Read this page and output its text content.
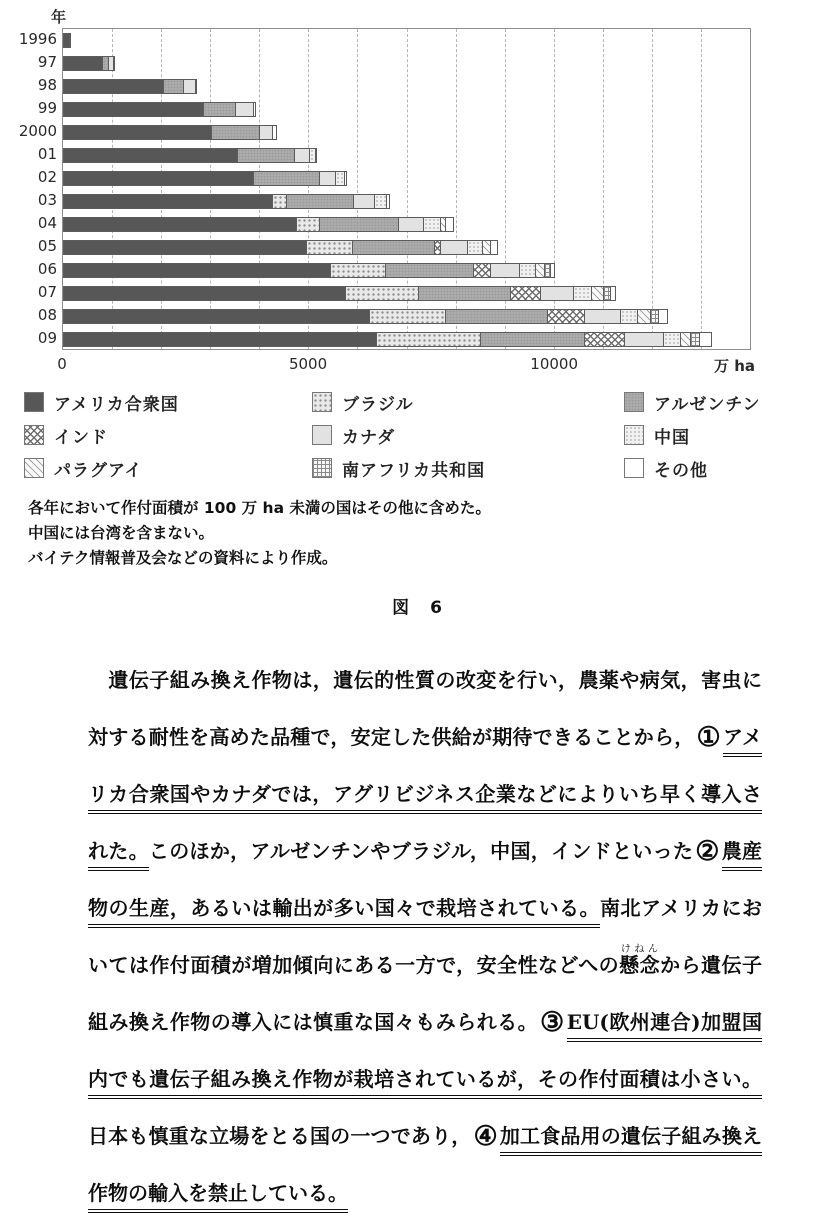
年
1996
97
98
99
2000
01
02
03
04
05
06
07
08
09
万 ha
0	5000	10000
アメリカ合衆国	ブラジル	アルゼンチン
インド	カナダ	中国
パラグアイ	南アフリカ共和国	その他
各年において作付面積が 100 万 ha 未満の国はその他に含めた。
中国には台湾を含まない。
バイテク情報普及会などの資料により作成。
図　6

　遺伝子組み換え作物は，遺伝的性質の改変を行い，農薬や病気，害虫に対する耐性を高めた品種で，安定した供給が期待できることから，① アメリカ合衆国やカナダでは，アグリビジネス企業などによりいち早く導入された。このほか，アルゼンチンやブラジル，中国，インドといった② 農産物の生産，あるいは輸出が多い国々で栽培されている。南北アメリカにおいては作付面積が増加傾向にある一方で，安全性などへの懸念けねんから遺伝子組み換え作物の導入には慎重な国々もみられる。③ EU(欧州連合)加盟国内でも遺伝子組み換え作物が栽培されているが，その作付面積は小さい。日本も慎重な立場をとる国の一つであり，④ 加工食品用の遺伝子組み換え作物の輸入を禁止している。
